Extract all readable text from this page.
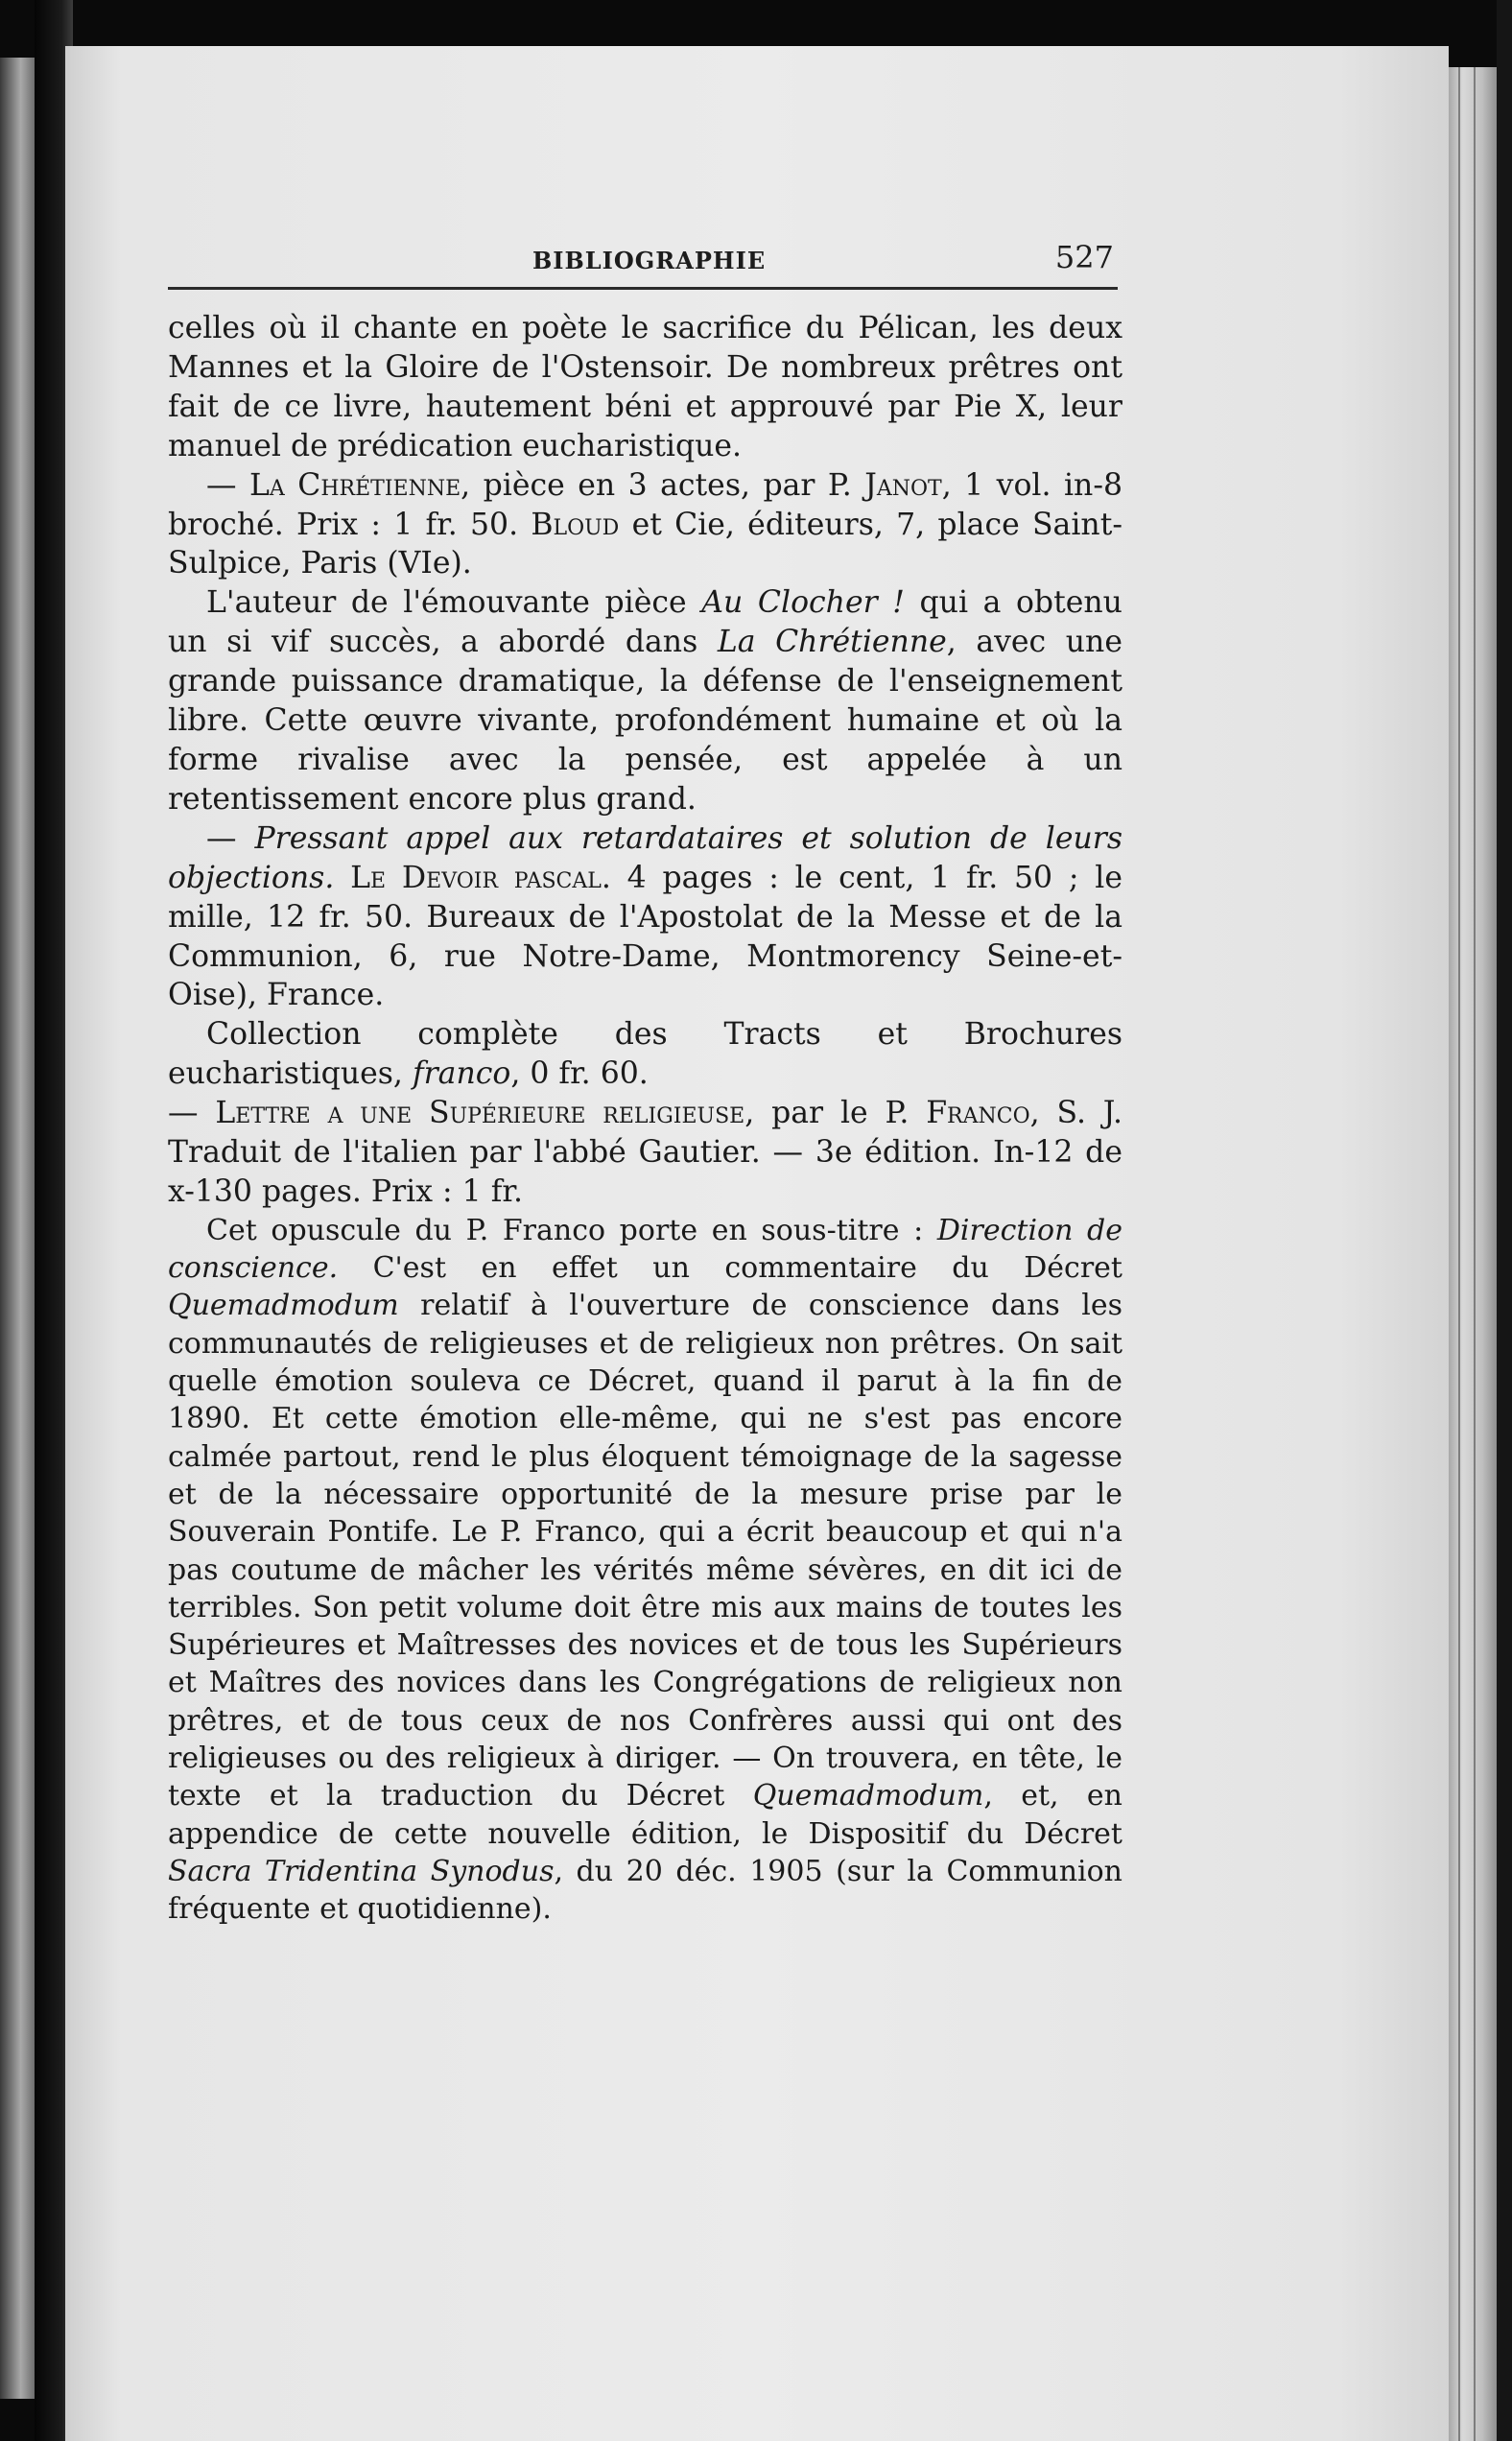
BIBLIOGRAPHIE	527

celles où il chante en poète le sacrifice du Pélican, les deux Mannes et la Gloire de l'Ostensoir. De nombreux prêtres ont fait de ce livre, hautement béni et approuvé par Pie X, leur manuel de prédication eucharistique.

— La Chrétienne, pièce en 3 actes, par P. Janot, 1 vol. in-8 broché. Prix : 1 fr. 50. Bloud et Cie, éditeurs, 7, place Saint-Sulpice, Paris (VIe).

L'auteur de l'émouvante pièce Au Clocher ! qui a obtenu un si vif succès, a abordé dans La Chrétienne, avec une grande puissance dramatique, la défense de l'enseignement libre. Cette œuvre vivante, profondément humaine et où la forme rivalise avec la pensée, est appelée à un retentissement encore plus grand.

— Pressant appel aux retardataires et solution de leurs objections. Le Devoir pascal. 4 pages : le cent, 1 fr. 50 ; le mille, 12 fr. 50. Bureaux de l'Apostolat de la Messe et de la Communion, 6, rue Notre-Dame, Montmorency Seine-et-Oise), France.

Collection complète des Tracts et Brochures eucharistiques, franco, 0 fr. 60.

— Lettre a une Supérieure religieuse, par le P. Franco, S. J. Traduit de l'italien par l'abbé Gautier. — 3e édition. In-12 de x-130 pages. Prix : 1 fr.

Cet opuscule du P. Franco porte en sous-titre : Direction de conscience. C'est en effet un commentaire du Décret Quemadmodum relatif à l'ouverture de conscience dans les communautés de religieuses et de religieux non prêtres. On sait quelle émotion souleva ce Décret, quand il parut à la fin de 1890. Et cette émotion elle-même, qui ne s'est pas encore calmée partout, rend le plus éloquent témoignage de la sagesse et de la nécessaire opportunité de la mesure prise par le Souverain Pontife. Le P. Franco, qui a écrit beaucoup et qui n'a pas coutume de mâcher les vérités même sévères, en dit ici de terribles. Son petit volume doit être mis aux mains de toutes les Supérieures et Maîtresses des novices et de tous les Supérieurs et Maîtres des novices dans les Congrégations de religieux non prêtres, et de tous ceux de nos Confrères aussi qui ont des religieuses ou des religieux à diriger. — On trouvera, en tête, le texte et la traduction du Décret Quemadmodum, et, en appendice de cette nouvelle édition, le Dispositif du Décret Sacra Tridentina Synodus, du 20 déc. 1905 (sur la Communion fréquente et quotidienne).
